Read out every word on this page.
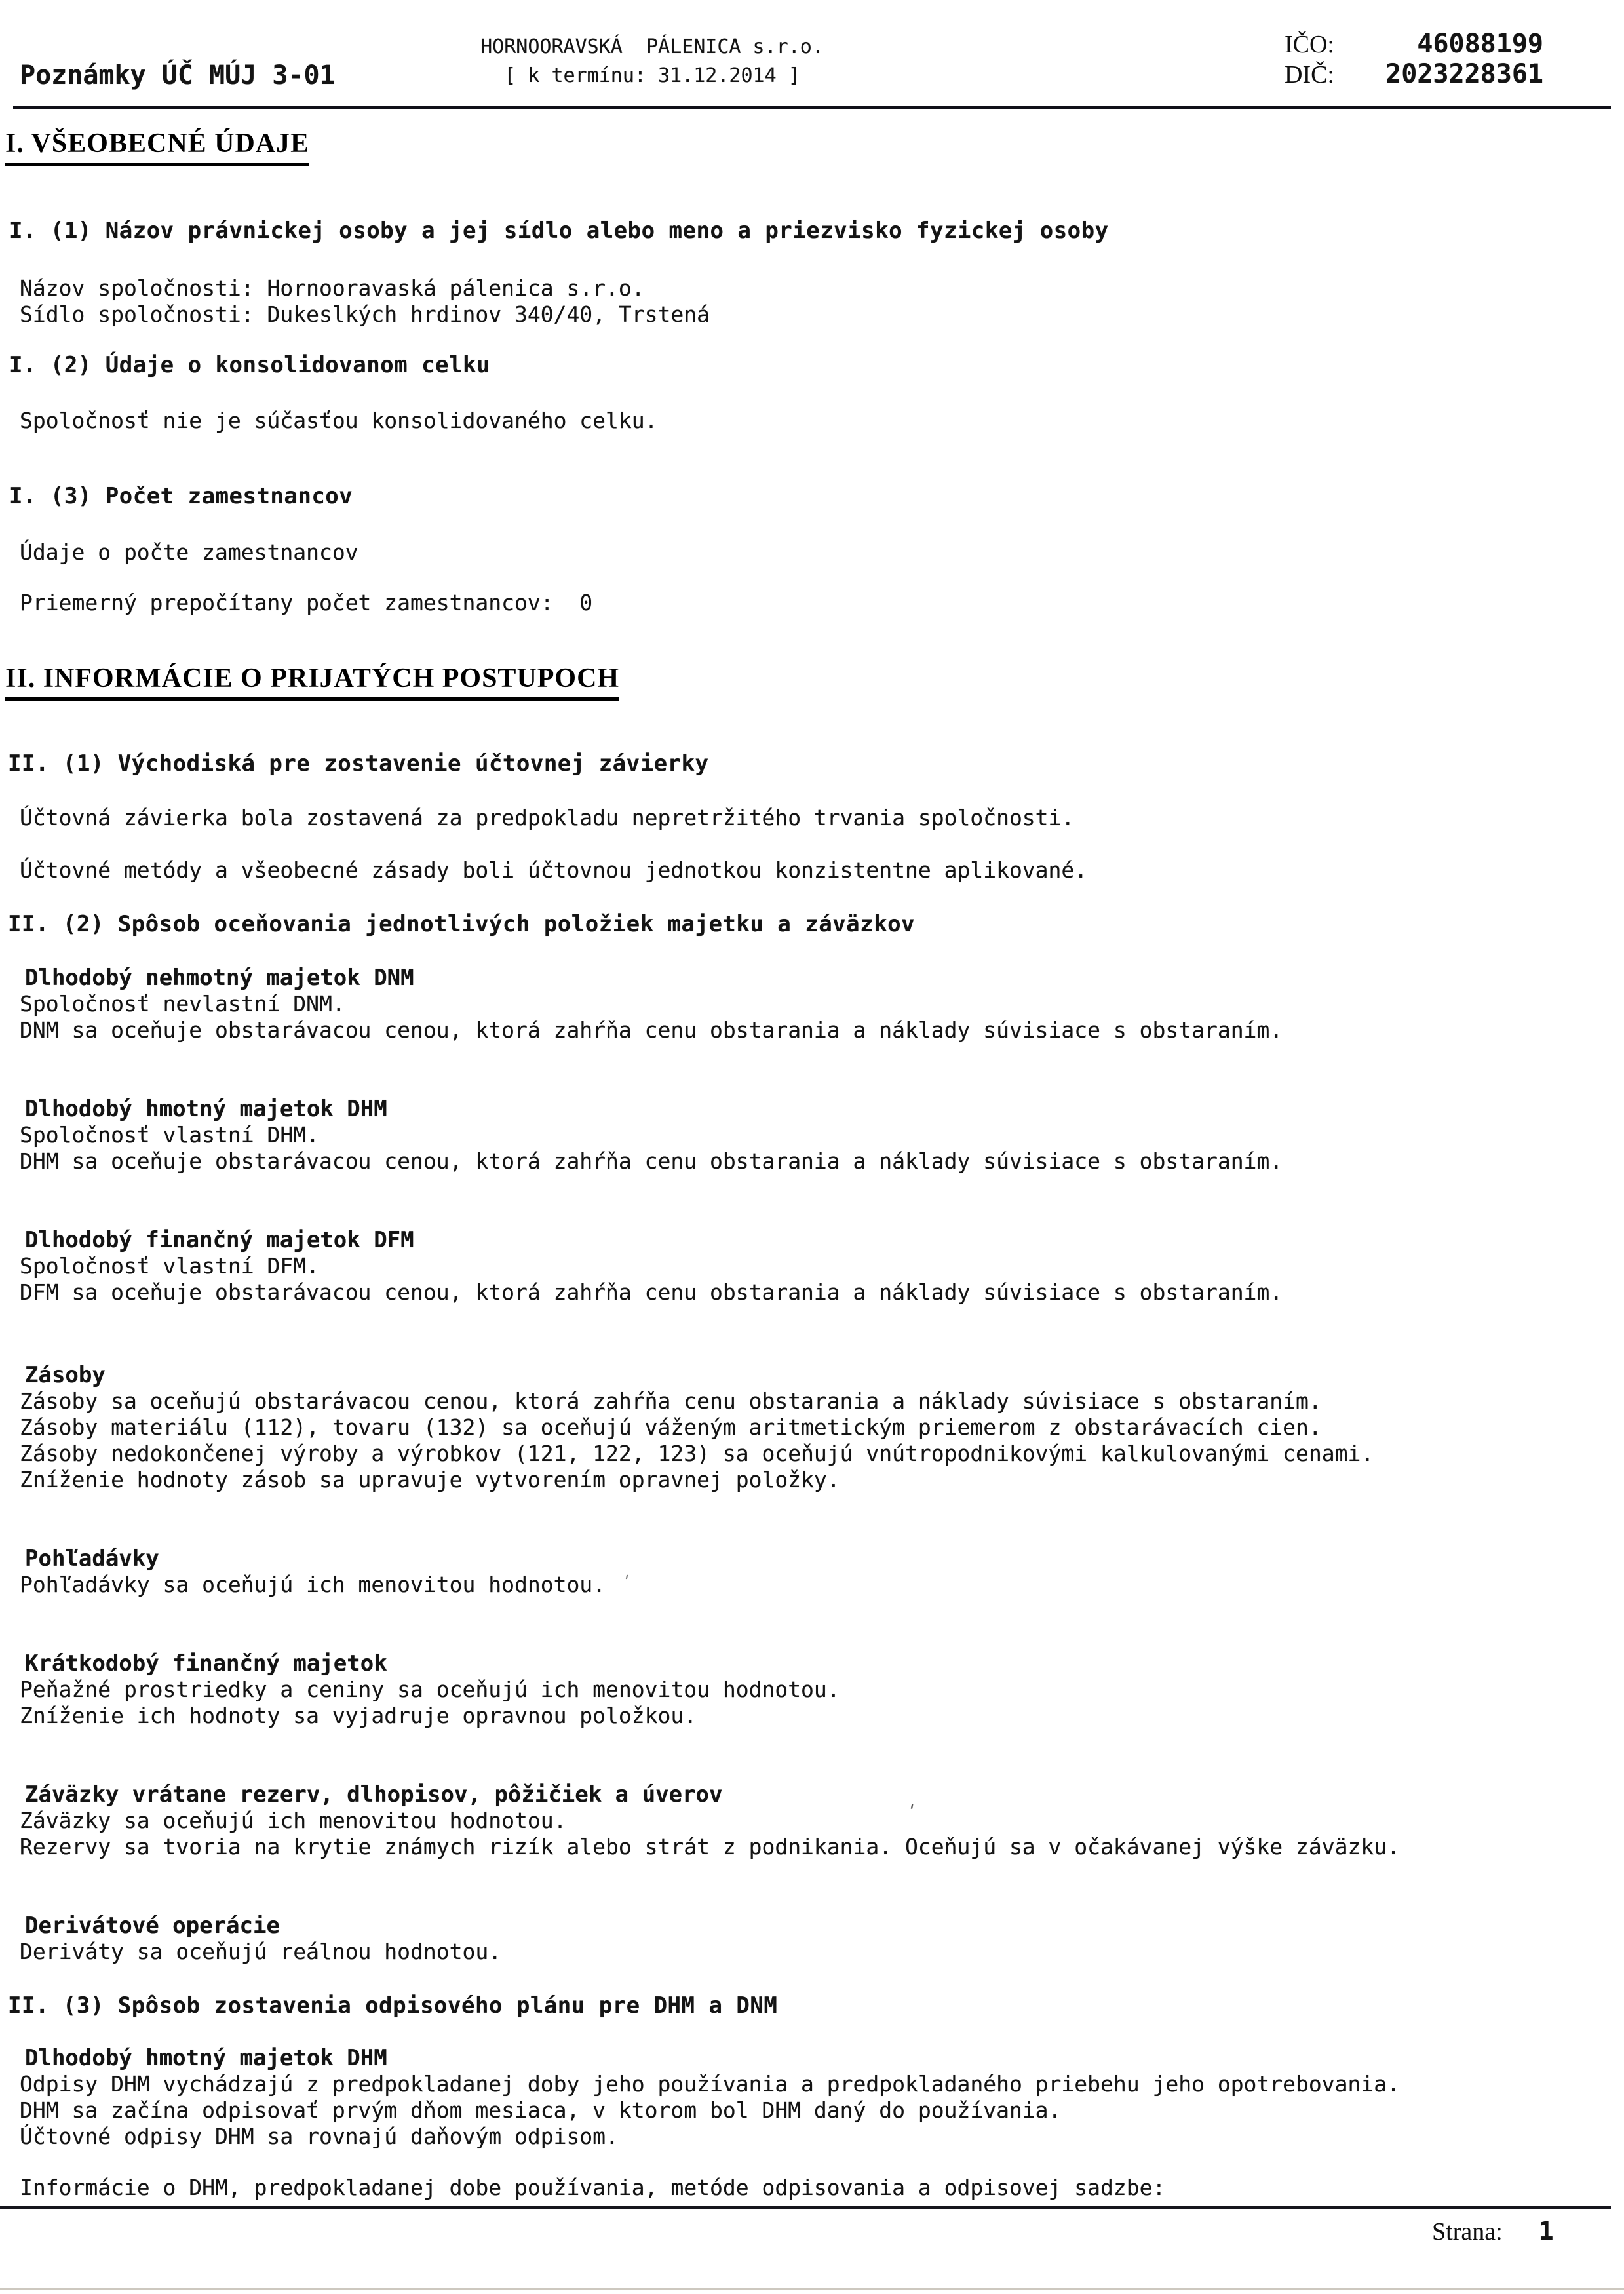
Poznámky ÚČ MÚJ 3-01
HORNOORAVSKÁ  PÁLENICA s.r.o.
[ k termínu: 31.12.2014 ]
IČO:	46088199
DIČ: 2023228361
I. VŠEOBECNÉ ÚDAJE
I. (1) Názov právnickej osoby a jej sídlo alebo meno a priezvisko fyzickej osoby
Názov spoločnosti: Hornooravaská pálenica s.r.o.
Sídlo spoločnosti: Dukeslkých hrdinov 340/40, Trstená
I. (2) Údaje o konsolidovanom celku
Spoločnosť nie je súčasťou konsolidovaného celku.
I. (3) Počet zamestnancov
Údaje o počte zamestnancov
Priemerný prepočítany počet zamestnancov:  0
II. INFORMÁCIE O PRIJATÝCH POSTUPOCH
II. (1) Východiská pre zostavenie účtovnej závierky
Účtovná závierka bola zostavená za predpokladu nepretržitého trvania spoločnosti.
Účtovné metódy a všeobecné zásady boli účtovnou jednotkou konzistentne aplikované.
II. (2) Spôsob oceňovania jednotlivých položiek majetku a záväzkov
Dlhodobý nehmotný majetok DNM
Spoločnosť nevlastní DNM.
DNM sa oceňuje obstarávacou cenou, ktorá zahŕňa cenu obstarania a náklady súvisiace s obstaraním.
Dlhodobý hmotný majetok DHM
Spoločnosť vlastní DHM.
DHM sa oceňuje obstarávacou cenou, ktorá zahŕňa cenu obstarania a náklady súvisiace s obstaraním.
Dlhodobý finančný majetok DFM
Spoločnosť vlastní DFM.
DFM sa oceňuje obstarávacou cenou, ktorá zahŕňa cenu obstarania a náklady súvisiace s obstaraním.
Zásoby
Zásoby sa oceňujú obstarávacou cenou, ktorá zahŕňa cenu obstarania a náklady súvisiace s obstaraním.
Zásoby materiálu (112), tovaru (132) sa oceňujú váženým aritmetickým priemerom z obstarávacích cien.
Zásoby nedokončenej výroby a výrobkov (121, 122, 123) sa oceňujú vnútropodnikovými kalkulovanými cenami.
Zníženie hodnoty zásob sa upravuje vytvorením opravnej položky.
Pohľadávky
Pohľadávky sa oceňujú ich menovitou hodnotou.
Krátkodobý finančný majetok
Peňažné prostriedky a ceniny sa oceňujú ich menovitou hodnotou.
Zníženie ich hodnoty sa vyjadruje opravnou položkou.
Záväzky vrátane rezerv, dlhopisov, pôžičiek a úverov
Záväzky sa oceňujú ich menovitou hodnotou.
Rezervy sa tvoria na krytie známych rizík alebo strát z podnikania. Oceňujú sa v očakávanej výške záväzku.
Derivátové operácie
Deriváty sa oceňujú reálnou hodnotou.
II. (3) Spôsob zostavenia odpisového plánu pre DHM a DNM
Dlhodobý hmotný majetok DHM
Odpisy DHM vychádzajú z predpokladanej doby jeho používania a predpokladaného priebehu jeho opotrebovania.
DHM sa začína odpisovať prvým dňom mesiaca, v ktorom bol DHM daný do používania.
Účtovné odpisy DHM sa rovnajú daňovým odpisom.
Informácie o DHM, predpokladanej dobe používania, metóde odpisovania a odpisovej sadzbe:
'
'
Strana: 1
